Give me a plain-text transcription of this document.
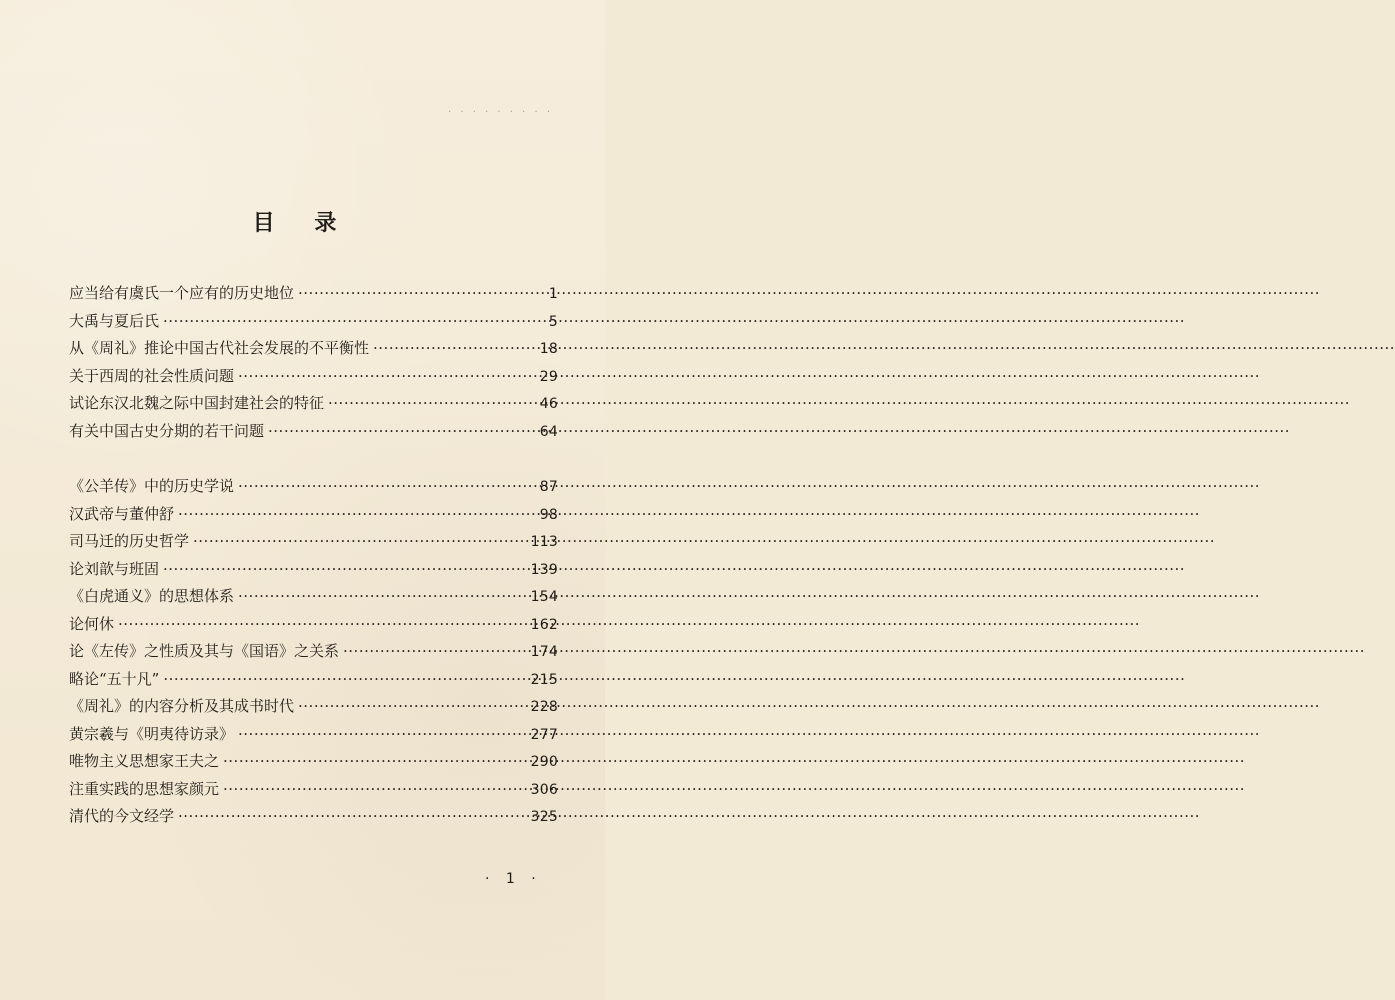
· · · · · · · · ·
目 录
应当给有虞氏一个应有的历史地位 ·····	1
大禹与夏后氏 ·····	5
从《周礼》推论中国古代社会发展的不平衡性 ·····	18
关于西周的社会性质问题 ·····	29
试论东汉北魏之际中国封建社会的特征 ·····	46
有关中国古史分期的若干问题 ·····	64
《公羊传》中的历史学说 ·····	87
汉武帝与董仲舒 ·····	98
司马迁的历史哲学 ·····	113
论刘歆与班固 ·····	139
《白虎通义》的思想体系 ·····	154
论何休 ·····	162
论《左传》之性质及其与《国语》之关系 ·····	174
略论“五十凡” ·····	215
《周礼》的内容分析及其成书时代 ·····	228
黄宗羲与《明夷待访录》 ·····	277
唯物主义思想家王夫之 ·····	290
注重实践的思想家颜元 ·····	306
清代的今文经学 ·····	325
· 1 ·
